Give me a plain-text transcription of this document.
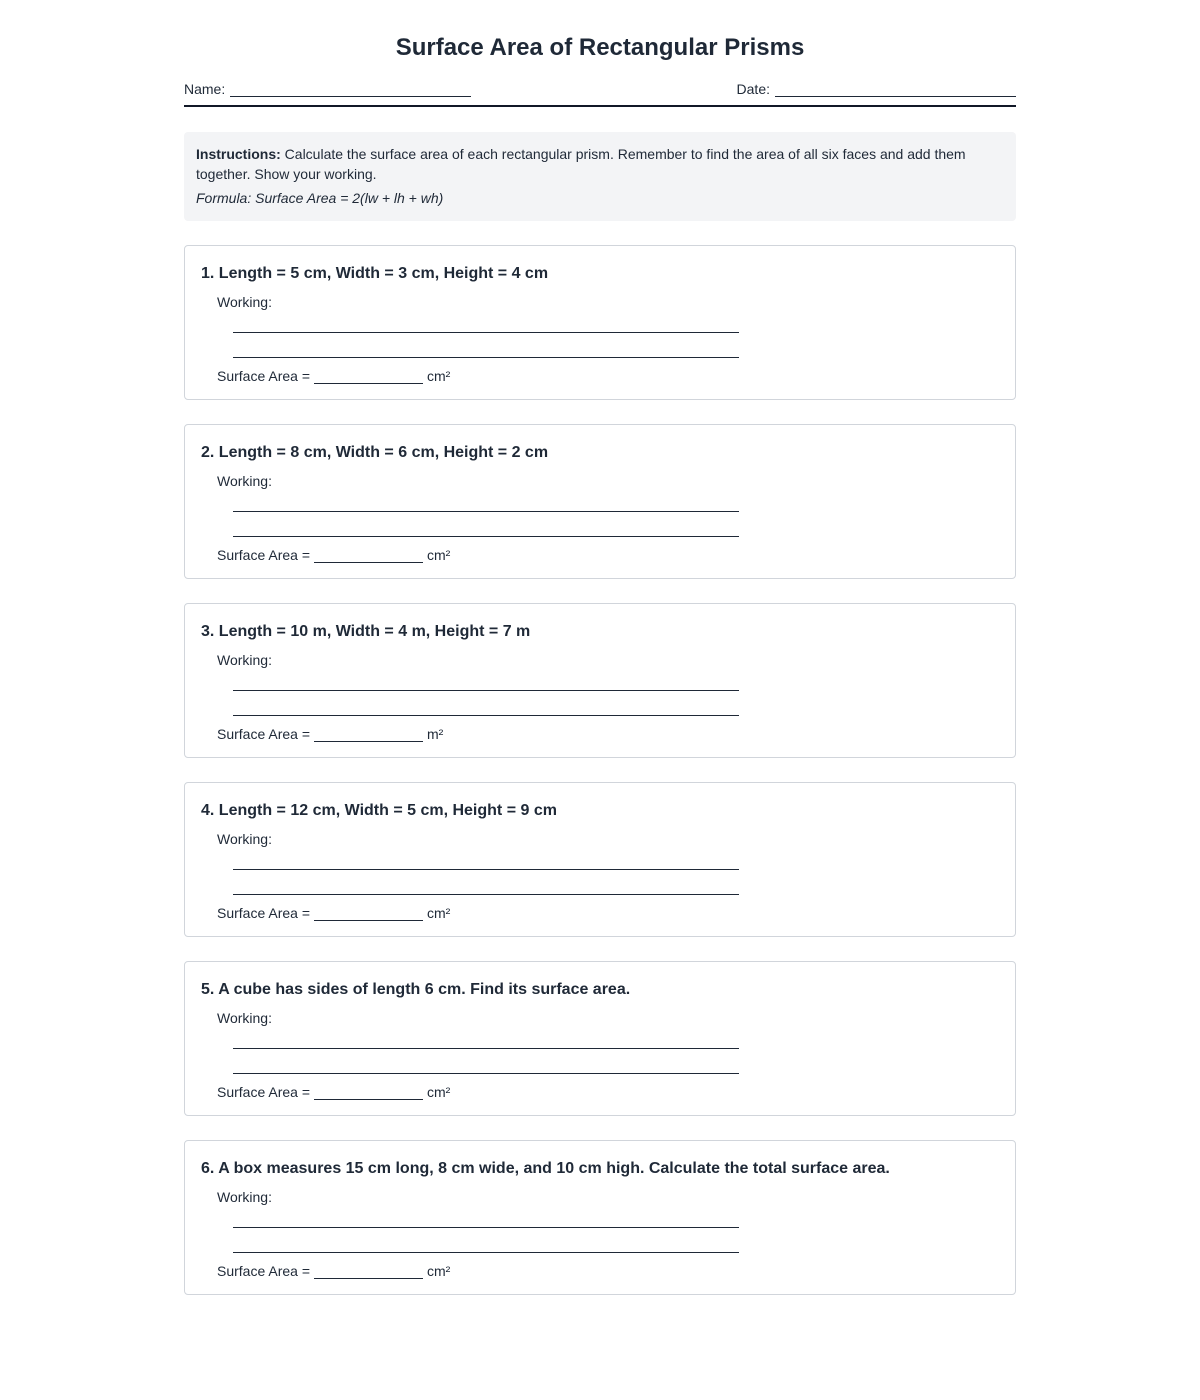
Surface Area of Rectangular Prisms
Name:	Date:
Instructions: Calculate the surface area of each rectangular prism. Remember to find the area of all six faces and add them together. Show your working.
Formula: Surface Area = 2(lw + lh + wh)
1. Length = 5 cm, Width = 3 cm, Height = 4 cm
Working:
Surface Area =	cm²
2. Length = 8 cm, Width = 6 cm, Height = 2 cm
Working:
Surface Area =	cm²
3. Length = 10 m, Width = 4 m, Height = 7 m
Working:
Surface Area =	m²
4. Length = 12 cm, Width = 5 cm, Height = 9 cm
Working:
Surface Area =	cm²
5. A cube has sides of length 6 cm. Find its surface area.
Working:
Surface Area =	cm²
6. A box measures 15 cm long, 8 cm wide, and 10 cm high. Calculate the total surface area.
Working:
Surface Area =	cm²
